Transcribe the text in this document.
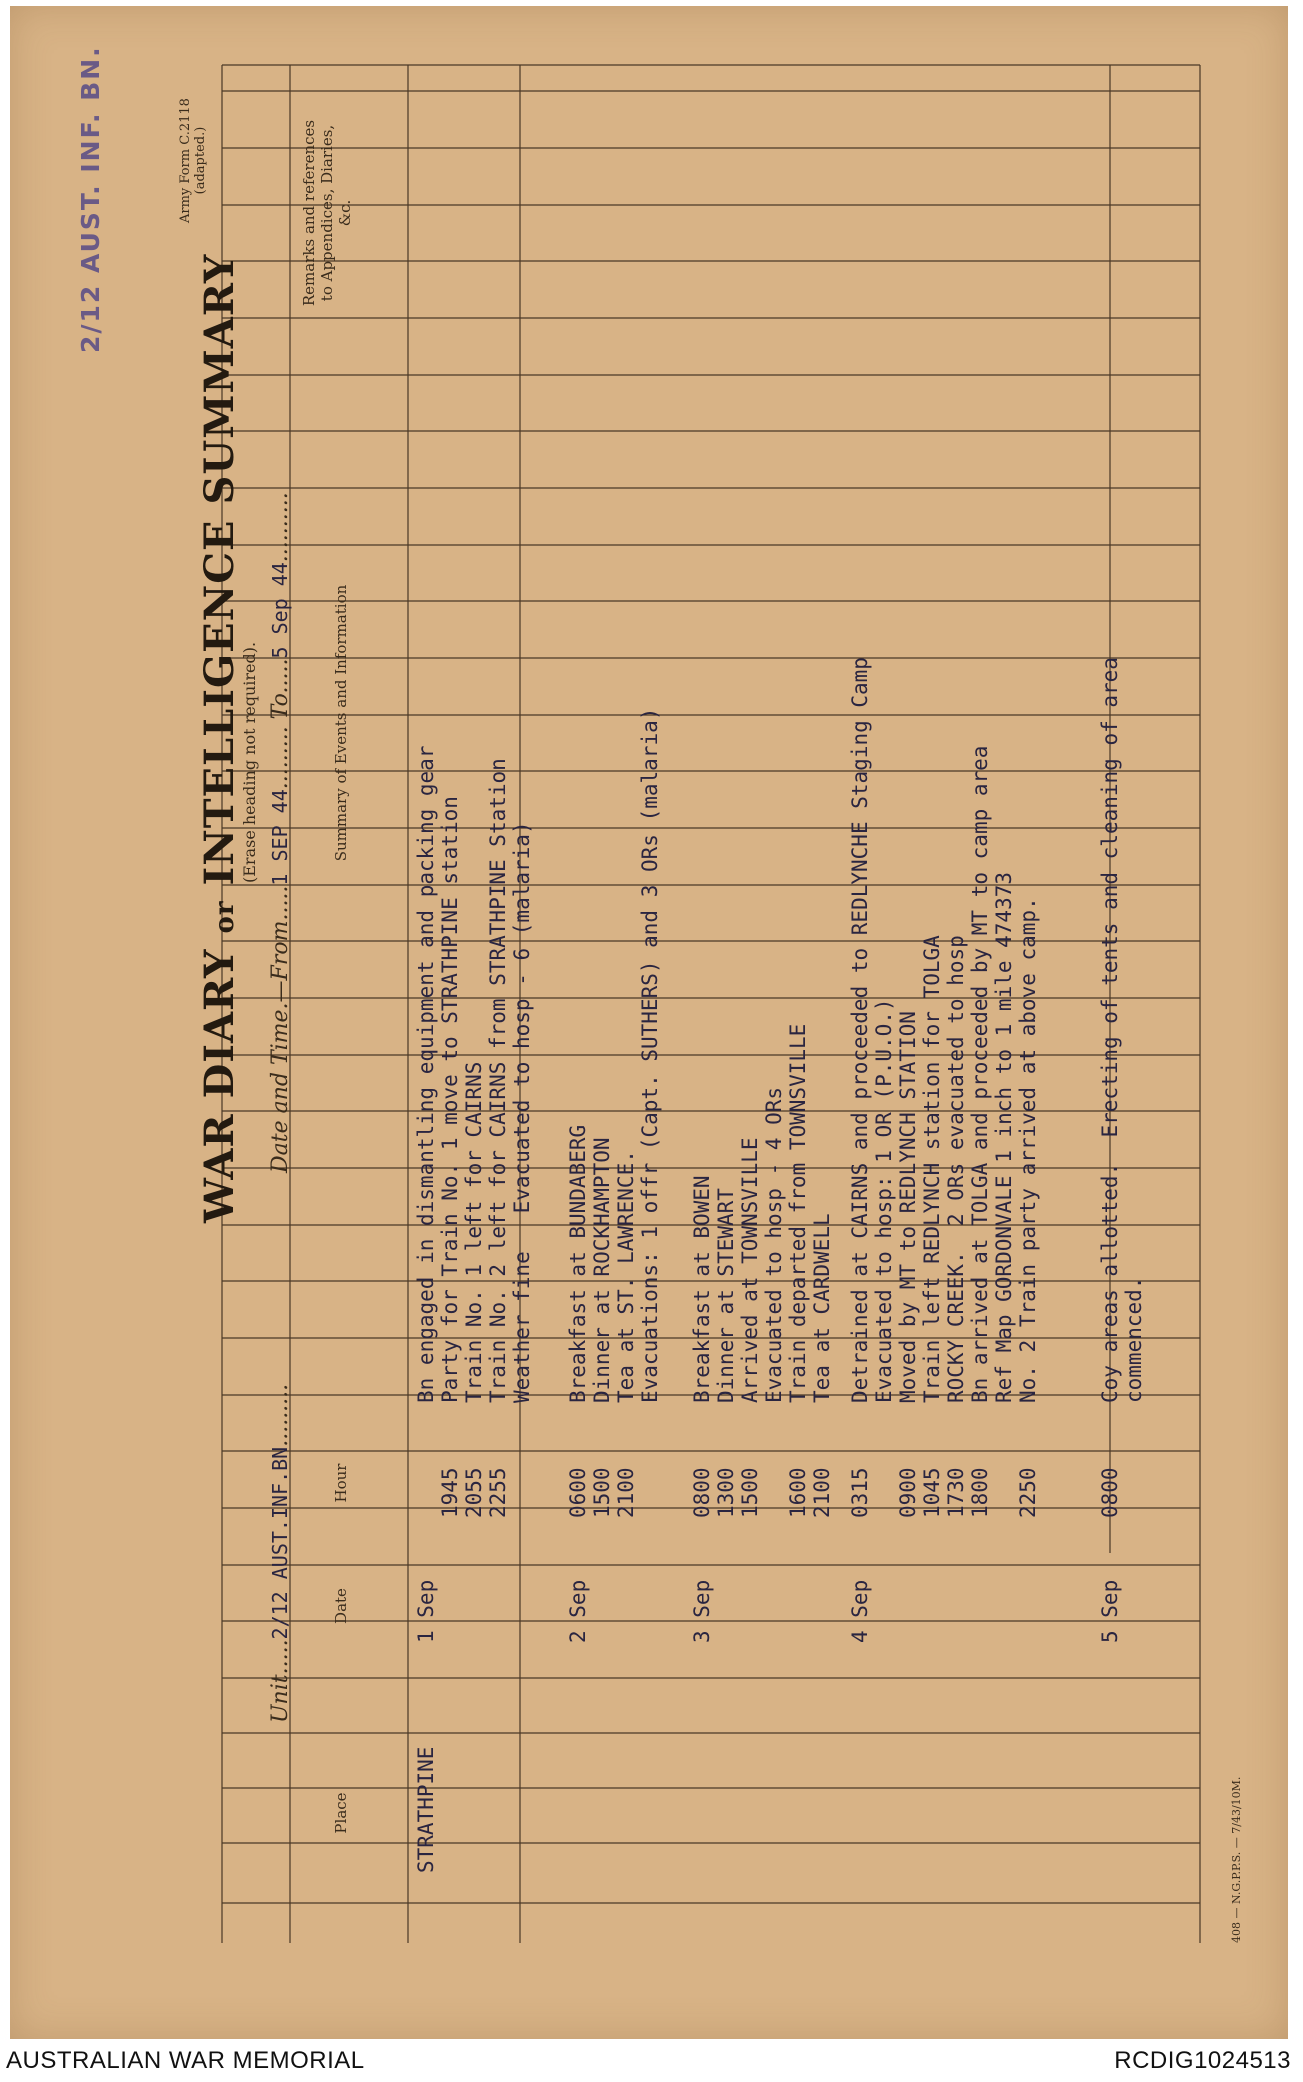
2/12 AUST. INF. BN.	Army Form C.2118 (adapted.)
WAR DIARY or INTELLIGENCE SUMMARY
(Erase heading not required).
Unit.....2/12 AUST.INF.BN.........
Date and Time.—From.....1 SEP 44......... To.....5 Sep 44..........
Place
Date
Hour
Summary of Events and Information
Remarks and references to Appendices, Diaries, &c.
STRATHPINE
1 Sep

1945
2055
2255
Bn engaged in dismantling equipment and packing gear
Party for Train No. 1 move to STRATHPINE station
Train No. 1 left for CAIRNS
Train No. 2 left for CAIRNS from STRATHPINE Station
Weather fine   Evacuated to hosp - 6 (malaria)
2 Sep
0600
1500
2100
Breakfast at BUNDABERG
Dinner at ROCKHAMPTON
Tea at ST. LAWRENCE.
Evacuations: 1 offr (Capt. SUTHERS) and 3 ORs (malaria)
3 Sep
0800
1300
1500

1600
2100
Breakfast at BOWEN
Dinner at STEWART
Arrived at TOWNSVILLE
Evacuated to hosp - 4 ORs
Train departed from TOWNSVILLE
Tea at CARDWELL
4 Sep
0315

0900
1045
1730
1800

2250
Detrained at CAIRNS and proceeded to REDLYNCHE Staging Camp
Evacuated to hosp: 1 OR (P.U.O.)
Moved by MT to REDLYNCH STATION
Train left REDLYNCH station for TOLGA
ROCKY CREEK.  2 ORs evacuated to hosp
Bn arrived at TOLGA and proceeded by MT to camp area
Ref Map GORDONVALE 1 inch to 1 mile 474373
No. 2 Train party arrived at above camp.
5 Sep
0800
Coy areas allotted.  Erecting of tents and cleaning of area
commenced.
408 — N.G.P.P.S. — 7/43/10M.
AUSTRALIAN WAR MEMORIAL	RCDIG1024513
